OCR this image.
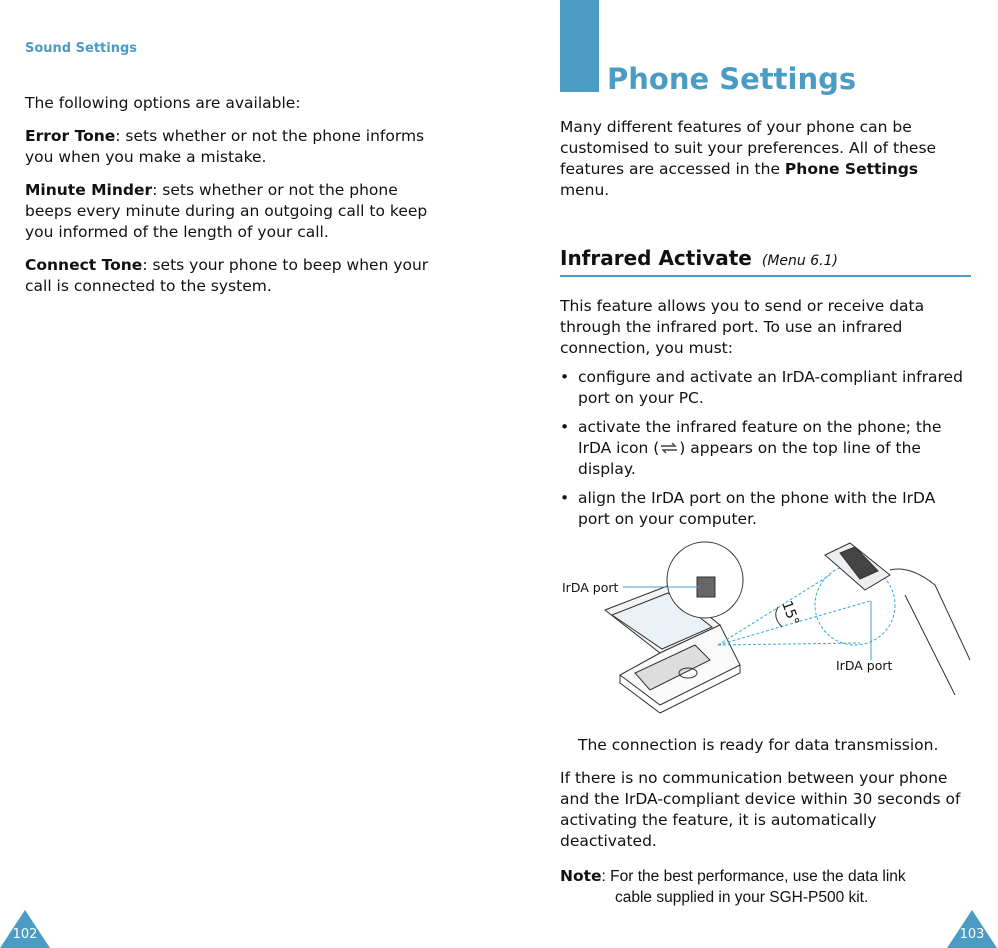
Sound Settings

The following options are available:

Error Tone: sets whether or not the phone informs you when you make a mistake.

Minute Minder: sets whether or not the phone beeps every minute during an outgoing call to keep you informed of the length of your call.

Connect Tone: sets your phone to beep when your call is connected to the system.

102
Phone Settings

Many different features of your phone can be customised to suit your preferences. All of these features are accessed in the Phone Settings menu.

Infrared Activate (Menu 6.1)

This feature allows you to send or receive data through the infrared port. To use an infrared connection, you must:

• configure and activate an IrDA-compliant infrared port on your PC.
• activate the infrared feature on the phone; the IrDA icon ( ) appears on the top line of the display.
• align the IrDA port on the phone with the IrDA port on your computer.
IrDA port
IrDA port
15°

The connection is ready for data transmission.

If there is no communication between your phone and the IrDA-compliant device within 30 seconds of activating the feature, it is automatically deactivated.

Note: For the best performance, use the data link
cable supplied in your SGH-P500 kit.
103
